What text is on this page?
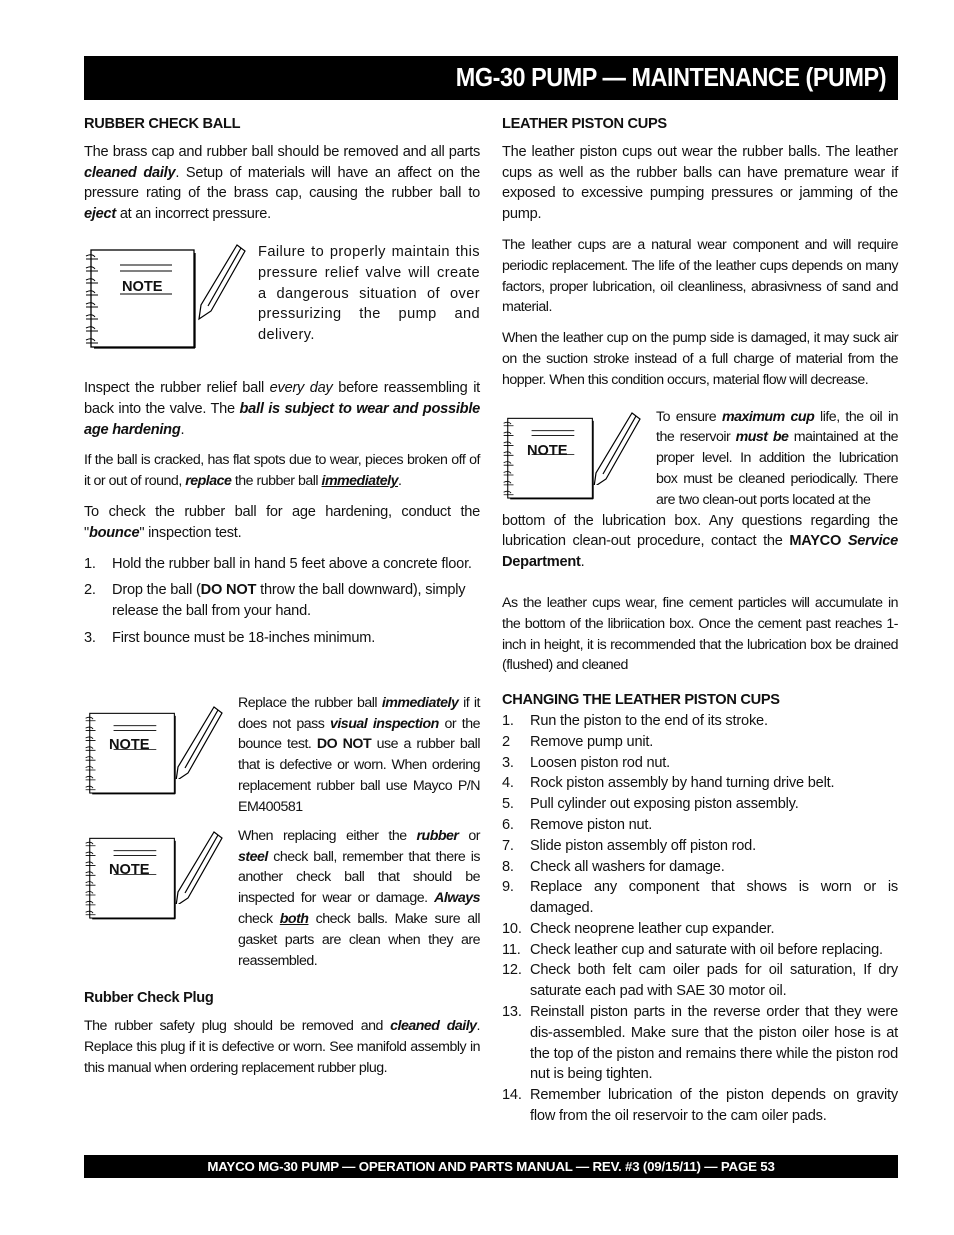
MG-30 PUMP — MAINTENANCE (PUMP)
RUBBER CHECK BALL

The brass cap and rubber ball should be removed and all parts cleaned daily. Setup of materials will have an affect on the pressure rating of the brass cap, causing the rubber ball to eject at an incorrect pressure.

NOTE
Failure to properly maintain this pressure relief valve will create a dangerous situation of over pressurizing the pump and delivery.

Inspect the rubber relief ball every day before reassembling it back into the valve. The ball is subject to wear and possible age hardening.

If the ball is cracked, has flat spots due to wear, pieces broken off of it or out of round, replace the rubber ball immediately.

To check the rubber ball for age hardening, conduct the "bounce" inspection test.

1. Hold the rubber ball in hand 5 feet above a concrete floor.
2. Drop the ball (DO NOT throw the ball downward), simply release the ball from your hand.
3. First bounce must be 18-inches minimum.
NOTE
Replace the rubber ball immediately if it does not pass visual inspection or the bounce test. DO NOT use a rubber ball that is defective or worn. When ordering replacement rubber ball use Mayco P/N EM400581
NOTE
When replacing either the rubber or steel check ball, remember that there is another check ball that should be inspected for wear or damage. Always check both check balls. Make sure all gasket parts are clean when they are reassembled.
Rubber Check Plug

The rubber safety plug should be removed and cleaned daily. Replace this plug if it is defective or worn. See manifold assembly in this manual when ordering replacement rubber plug.

LEATHER PISTON CUPS

The leather piston cups out wear the rubber balls. The leather cups as well as the rubber balls can have premature wear if exposed to excessive pumping pressures or jamming of the pump.

The leather cups are a natural wear component and will require periodic replacement. The life of the leather cups depends on many factors, proper lubrication, oil cleanliness, abrasivness of sand and material.

When the leather cup on the pump side is damaged, it may suck air on the suction stroke instead of a full charge of material from the hopper. When this condition occurs, material flow will decrease.

NOTE
To ensure maximum cup life, the oil in the reservoir must be maintained at the proper level. In addition the lubrication box must be cleaned periodically. There are two clean-out ports located at the

bottom of the lubrication box. Any questions regarding the lubrication clean-out procedure, contact the MAYCO Service Department.

As the leather cups wear, fine cement particles will accumulate in the bottom of the libriication box. Once the cement past reaches 1-inch in height, it is recommended that the lubrication box be drained (flushed) and cleaned

CHANGING THE LEATHER PISTON CUPS
1. Run the piston to the end of its stroke.
2 Remove pump unit.
3. Loosen piston rod nut.
4. Rock piston assembly by hand turning drive belt.
5. Pull cylinder out exposing piston assembly.
6. Remove piston nut.
7. Slide piston assembly off piston rod.
8. Check all washers for damage.
9. Replace any component that shows is worn or is damaged.
10. Check neoprene leather cup expander.
11. Check leather cup and saturate with oil before replacing.
12. Check both felt cam oiler pads for oil saturation, If dry saturate each pad with SAE 30 motor oil.
13. Reinstall piston parts in the reverse order that they were dis-assembled. Make sure that the piston oiler hose is at the top of the piston and remains there while the piston rod nut is being tighten.
14. Remember lubrication of the piston depends on gravity flow from the oil reservoir to the cam oiler pads.
MAYCO MG-30 PUMP — OPERATION AND PARTS MANUAL — REV. #3 (09/15/11) — PAGE 53
